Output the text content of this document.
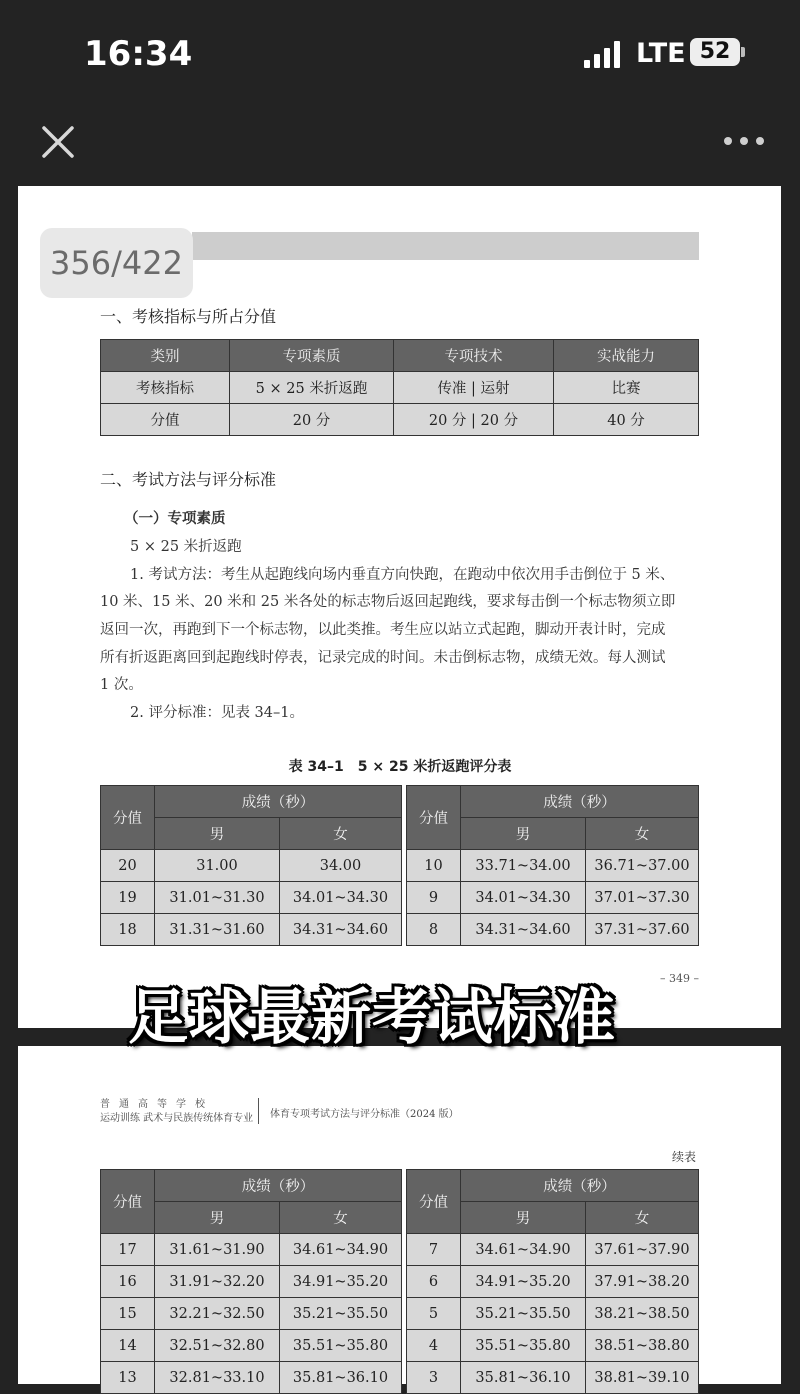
16:34	LTE 52
356/422
一、考核指标与所占分值
类别	专项素质	专项技术	实战能力
考核指标	5 × 25 米折返跑	传准 | 运射	比赛
分值	20 分	20 分 | 20 分	40 分
二、考试方法与评分标准
（一）专项素质
5 × 25 米折返跑
1. 考试方法：考生从起跑线向场内垂直方向快跑，在跑动中依次用手击倒位于 5 米、
10 米、15 米、20 米和 25 米各处的标志物后返回起跑线，要求每击倒一个标志物须立即
返回一次，再跑到下一个标志物，以此类推。考生应以站立式起跑，脚动开表计时，完成
所有折返距离回到起跑线时停表，记录完成的时间。未击倒标志物，成绩无效。每人测试
1 次。
2. 评分标准：见表 34–1。
表 34–1　5 × 25 米折返跑评分表
分值	成绩（秒）	
	男	女
20	31.00	34.00
19	31.01~31.30	34.01~34.30
18	31.31~31.60	34.31~34.60
分值	成绩（秒）	
	男	女
10	33.71~34.00	36.71~37.00
9	34.01~34.30	37.01~37.30
8	34.31~34.60	37.31~37.60
– 349 –
普通高等学校
运动训练 武术与民族传统体育专业 体育专项考试方法与评分标准（2024 版）
续表
分值	成绩（秒）	
	男	女
17	31.61~31.90	34.61~34.90
16	31.91~32.20	34.91~35.20
15	32.21~32.50	35.21~35.50
14	32.51~32.80	35.51~35.80
13	32.81~33.10	35.81~36.10
分值	成绩（秒）	
	男	女
7	34.61~34.90	37.61~37.90
6	34.91~35.20	37.91~38.20
5	35.21~35.50	38.21~38.50
4	35.51~35.80	38.51~38.80
3	35.81~36.10	38.81~39.10
足球最新考试标准
